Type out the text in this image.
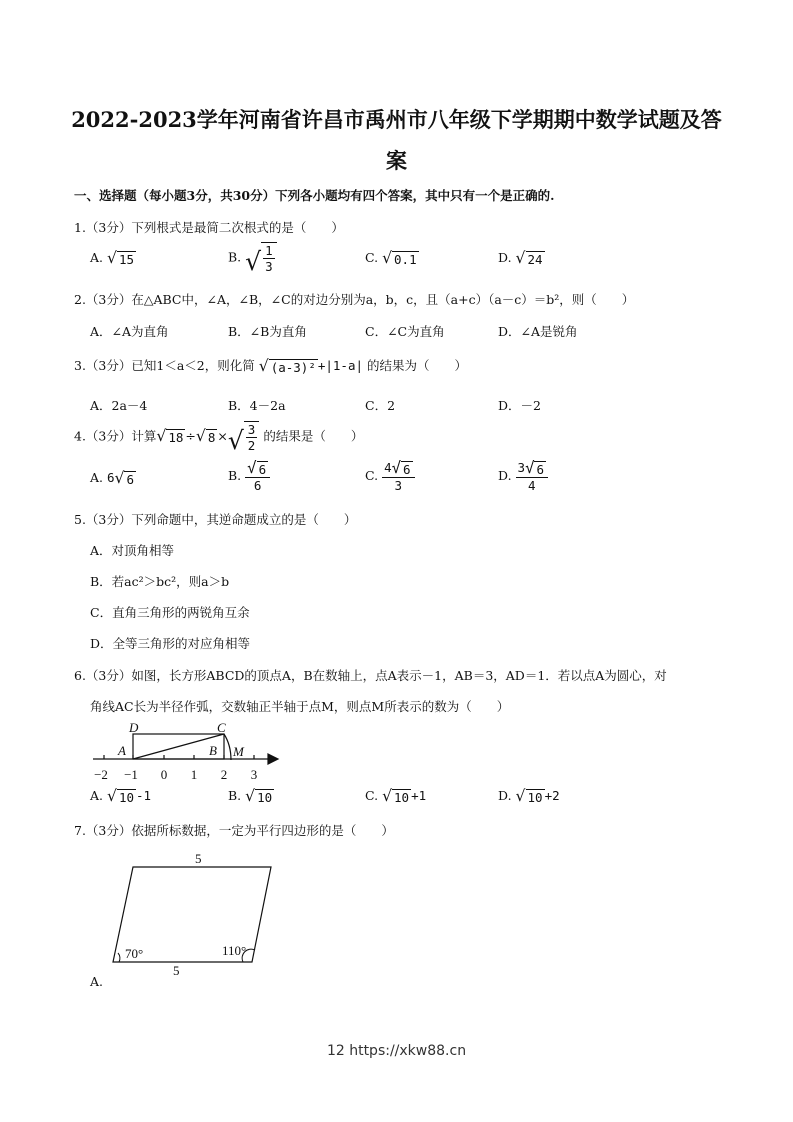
2022-2023学年河南省许昌市禹州市八年级下学期期中数学试题及答
案
一、选择题（每小题3分，共30分）下列各小题均有四个答案，其中只有一个是正确的.
1.（3分）下列根式是最简二次根式的是（　　）
A. √ 15	B. √ $\frac{1}{3}$	C. √ 0.1	D. √ 24
2.（3分）在△ABC中，∠A，∠B，∠C的对边分别为a，b，c，且（a+c）（a－c）＝b²，则（　　）
A．∠A为直角	B．∠B为直角	C．∠C为直角	D．∠A是锐角
3.（3分）已知1＜a＜2，则化简 √ (a-3)² +|1-a| 的结果为（　　）
A．2a－4	B．4－2a	C．2	D．－2
4.（3分）计算 √ 18 ÷ √ 8 × √ $\frac{3}{2}$ 的结果是（　　）
A. 6 √ 6	B. $\frac{√ 6}{6}$	C. $\frac{4 √ 6}{3}$	D. $\frac{3 √ 6}{4}$
5.（3分）下列命题中，其逆命题成立的是（　　）
A．对顶角相等
B．若ac²＞bc²，则a＞b
C．直角三角形的两锐角互余
D．全等三角形的对应角相等
6.（3分）如图，长方形ABCD的顶点A，B在数轴上，点A表示－1，AB＝3，AD＝1．若以点A为圆心，对
角线AC长为半径作弧，交数轴正半轴于点M，则点M所表示的数为（　　）
D	C
A	B M
−2 −1 0 1 2 3
5
5
70°	110°
A. √ 10 -1	B. √ 10	C. √ 10 +1	D. √ 10 +2
7.（3分）依据所标数据，一定为平行四边形的是（　　）
A.
12 https://xkw88.cn
